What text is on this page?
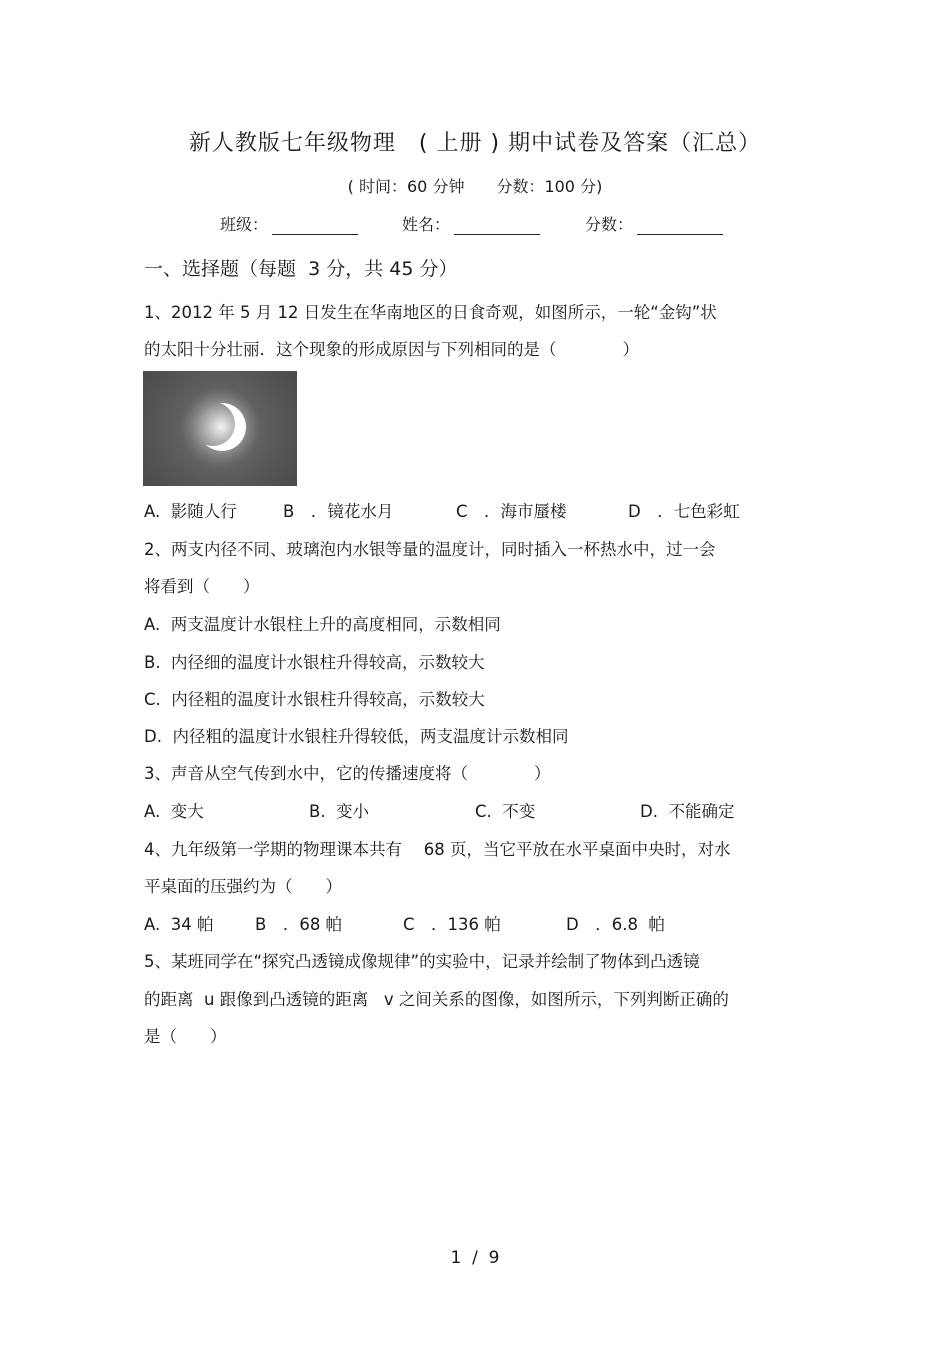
新人教版七年级物理　( 上册 ) 期中试卷及答案（汇总）
( 时间：60 分钟　　分数：100 分)
班级：	姓名：	分数：
一、选择题（每题  3 分，共 45 分）
1、2012 年 5 月 12 日发生在华南地区的日食奇观，如图所示，一轮“金钩”状
的太阳十分壮丽．这个现象的形成原因与下列相同的是（　　　　）
A.  影随人行	B　．镜花水月	C　．海市蜃楼	D　．七色彩虹
2、两支内径不同、玻璃泡内水银等量的温度计，同时插入一杯热水中，过一会
将看到（　　）
A.  两支温度计水银柱上升的高度相同，示数相同
B.  内径细的温度计水银柱升得较高，示数较大
C.  内径粗的温度计水银柱升得较高，示数较大
D.  内径粗的温度计水银柱升得较低，两支温度计示数相同
3、声音从空气传到水中，它的传播速度将（　　　　）
A.  变大	B.  变小	C.  不变	D.  不能确定
4、九年级第一学期的物理课本共有　 68 页，当它平放在水平桌面中央时，对水
平桌面的压强约为（　　）
A.  34 帕	B　．68 帕	C　．136 帕	D　．6.8  帕
5、某班同学在“探究凸透镜成像规律”的实验中，记录并绘制了物体到凸透镜
的距离  u 跟像到凸透镜的距离   v 之间关系的图像，如图所示，下列判断正确的
是（　　）
1  /  9
